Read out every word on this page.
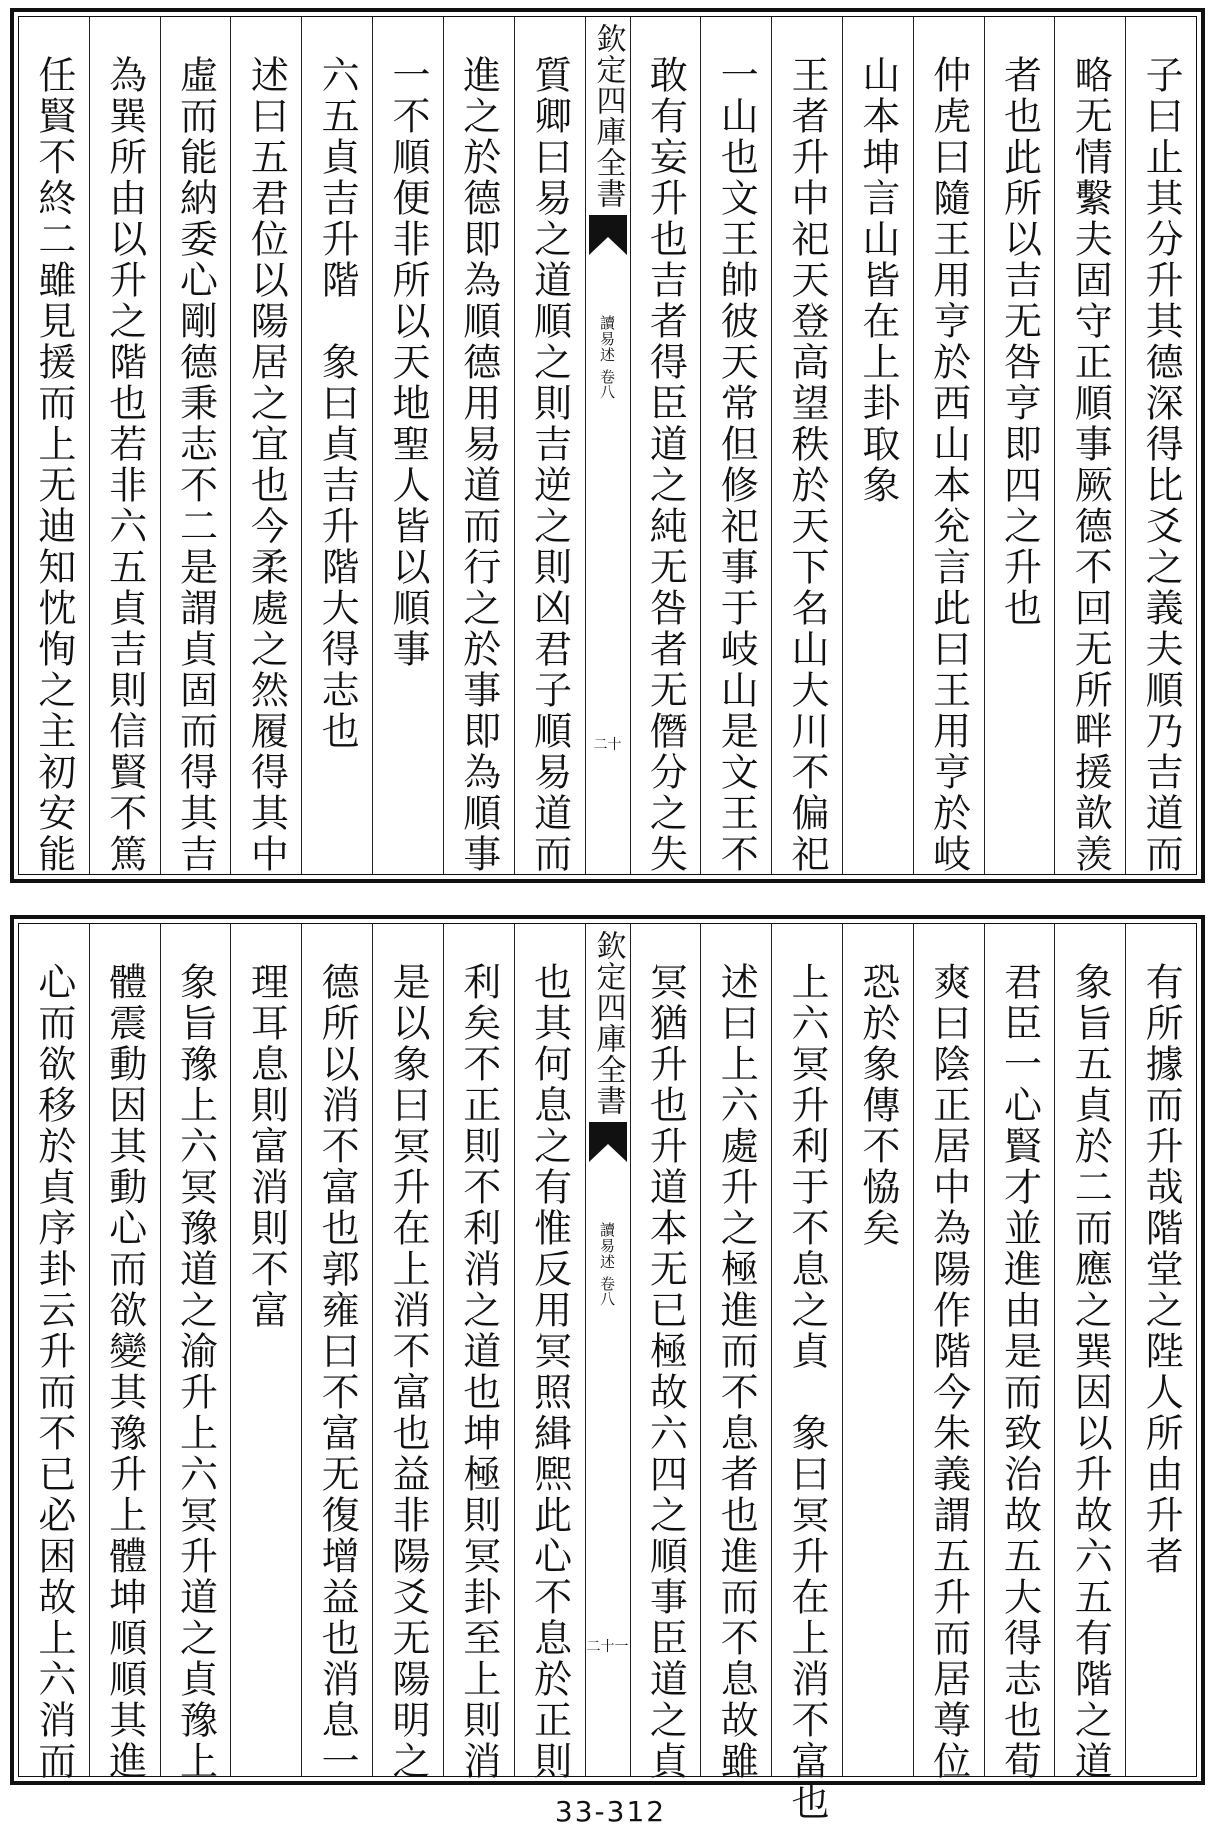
子曰止其分升其德深得比爻之義夫順乃吉道而
略无情繫夫固守正順事厥德不回无所畔援歆羡
者也此所以吉无咎亨即四之升也
仲虎曰隨王用亨於西山本兊言此曰王用亨於岐
山本坤言山皆在上卦取象
王者升中祀天登高望秩於天下名山大川不偏祀
一山也文王帥彼天常但修祀事于岐山是文王不
敢有妄升也吉者得臣道之純无咎者无僭分之失
欽定四庫全書
讀易述
卷八
二十
質卿曰易之道順之則吉逆之則凶君子順易道而
進之於德即為順德用易道而行之於事即為順事
一不順便非所以天地聖人皆以順事
六五貞吉升階　象曰貞吉升階大得志也
述曰五君位以陽居之宜也今柔處之然履得其中
虛而能納委心剛德秉志不二是謂貞固而得其吉
為巽所由以升之階也若非六五貞吉則信賢不篤
任賢不終二雖見援而上无迪知忱恂之主初安能
有所據而升哉階堂之陛人所由升者
象旨五貞於二而應之巽因以升故六五有階之道
君臣一心賢才並進由是而致治故五大得志也荀
爽曰陰正居中為陽作階今朱義謂五升而居尊位
恐於象傳不恊矣
上六冥升利于不息之貞　象曰冥升在上消不富也
述曰上六處升之極進而不息者也進而不息故雖
冥猶升也升道本无已極故六四之順事臣道之貞
欽定四庫全書
讀易述
卷八
二十一
也其何息之有惟反用冥照緝熈此心不息於正則
利矣不正則不利消之道也坤極則冥卦至上則消
是以象曰冥升在上消不富也益非陽爻无陽明之
德所以消不富也郭雍曰不富无復增益也消息一
理耳息則富消則不富
象旨豫上六冥豫道之渝升上六冥升道之貞豫上
體震動因其動心而欲變其豫升上體坤順順其進
心而欲移於貞序卦云升而不已必困故上六消而
33-312
